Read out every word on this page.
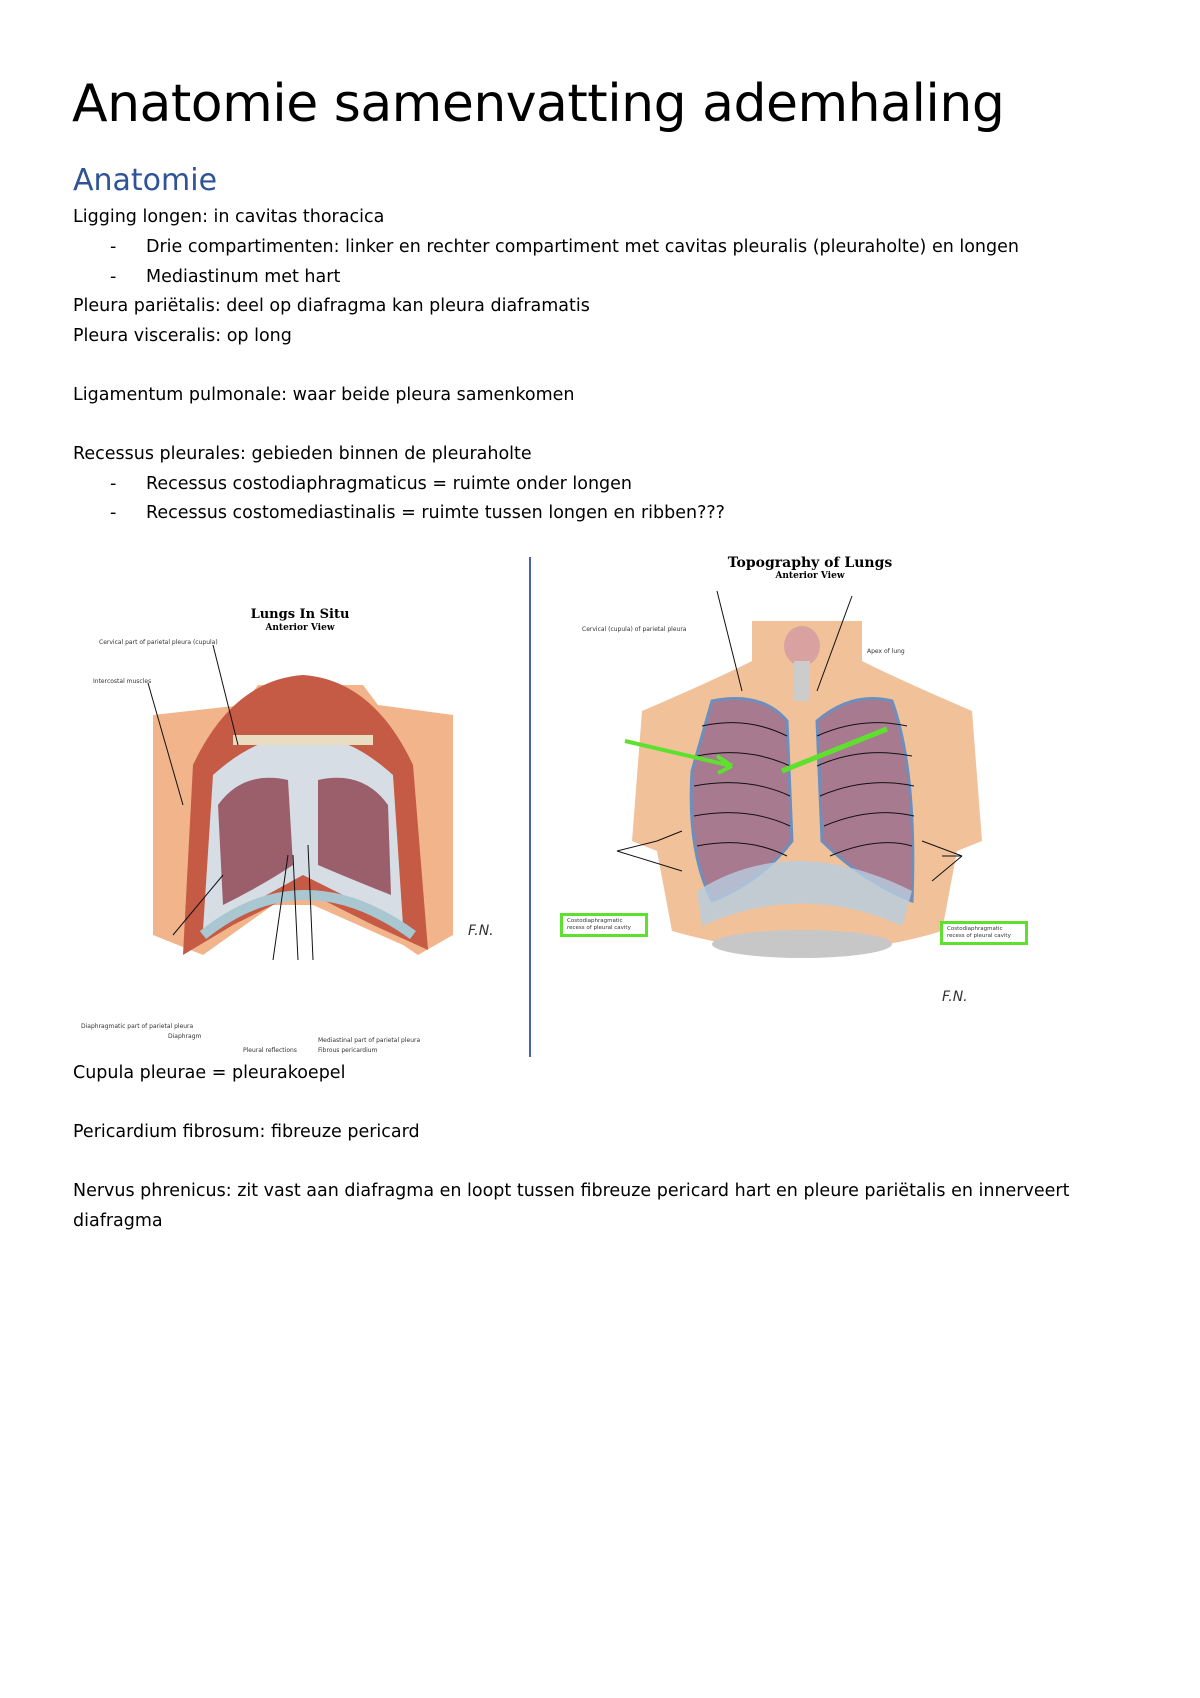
Anatomie samenvatting ademhaling
Anatomie
Ligging longen: in cavitas thoracica
- Drie compartimenten: linker en rechter compartiment met cavitas pleuralis (pleuraholte) en longen
- Mediastinum met hart
Pleura pariëtalis: deel op diafragma kan pleura diaframatis
Pleura visceralis: op long
Ligamentum pulmonale: waar beide pleura samenkomen
Recessus pleurales: gebieden binnen de pleuraholte
- Recessus costodiaphragmaticus = ruimte onder longen
- Recessus costomediastinalis = ruimte tussen longen en ribben???
Lungs In Situ
Anterior View
F.N.
Cervical part of parietal pleura (cupula)
Intercostal muscles
Diaphragmatic part of parietal pleura
Diaphragm
Pleural reflections	Fibrous pericardium
Mediastinal part of parietal pleura
Topography of Lungs
Anterior View
F.N.
Cervical (cupula) of parietal pleura
Apex of lung
Costodiaphragmatic recess of pleural cavity	Costodiaphragmatic recess of pleural cavity
Cupula pleurae = pleurakoepel
Pericardium fibrosum: fibreuze pericard
Nervus phrenicus: zit vast aan diafragma en loopt tussen fibreuze pericard hart en pleure pariëtalis en innerveert
diafragma
